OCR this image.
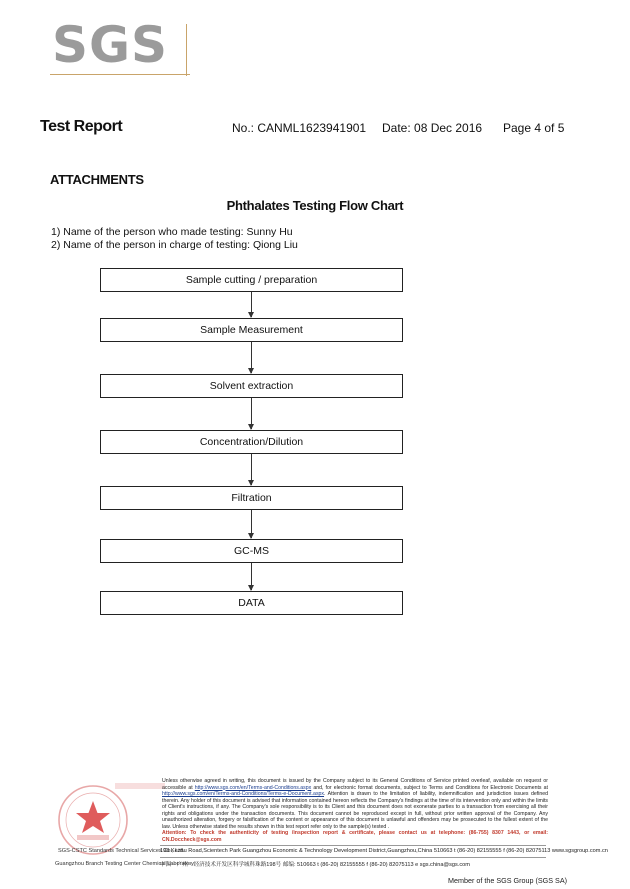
SGS
Test Report	No.: CANML1623941901 Date: 08 Dec 2016 Page 4 of 5
ATTACHMENTS
Phthalates Testing Flow Chart
1) Name of the person who made testing: Sunny Hu
2) Name of the person in charge of testing: Qiong Liu
Sample cutting / preparation
Sample Measurement
Solvent extraction
Concentration/Dilution
Filtration
GC-MS
DATA
Unless otherwise agreed in writing, this document is issued by the Company subject to its General Conditions of Service printed overleaf, available on request or accessible at http://www.sgs.com/en/Terms-and-Conditions.aspx and, for electronic format documents, subject to Terms and Conditions for Electronic Documents at http://www.sgs.com/en/Terms-and-Conditions/Terms-e-Document.aspx. Attention is drawn to the limitation of liability, indemnification and jurisdiction issues defined therein. Any holder of this document is advised that information contained hereon reflects the Company's findings at the time of its intervention only and within the limits of Client's instructions, if any. The Company's sole responsibility is to its Client and this document does not exonerate parties to a transaction from exercising all their rights and obligations under the transaction documents. This document cannot be reproduced except in full, without prior written approval of the Company. Any unauthorized alteration, forgery or falsification of the content or appearance of this document is unlawful and offenders may be prosecuted to the fullest extent of the law. Unless otherwise stated the results shown in this test report refer only to the sample(s) tested .
Attention: To check the authenticity of testing /inspection report & certificate, please contact us at telephone: (86-755) 8307 1443, or email: CN.Doccheck@sgs.com
SGS-CSTC Standards Technical Services Co., Ltd.
Guangzhou Branch Testing Center Chemical Laboratory
198 Kezhu Road,Scientech Park Guangzhou Economic & Technology Development District,Guangzhou,China 510663 t (86-20) 82155555 f (86-20) 82075113 www.sgsgroup.com.cn
中国・广州・经济技术开发区科学城科珠路198号 邮编: 510663 t (86-20) 82155555 f (86-20) 82075113 e sgs.china@sgs.com
Member of the SGS Group (SGS SA)
